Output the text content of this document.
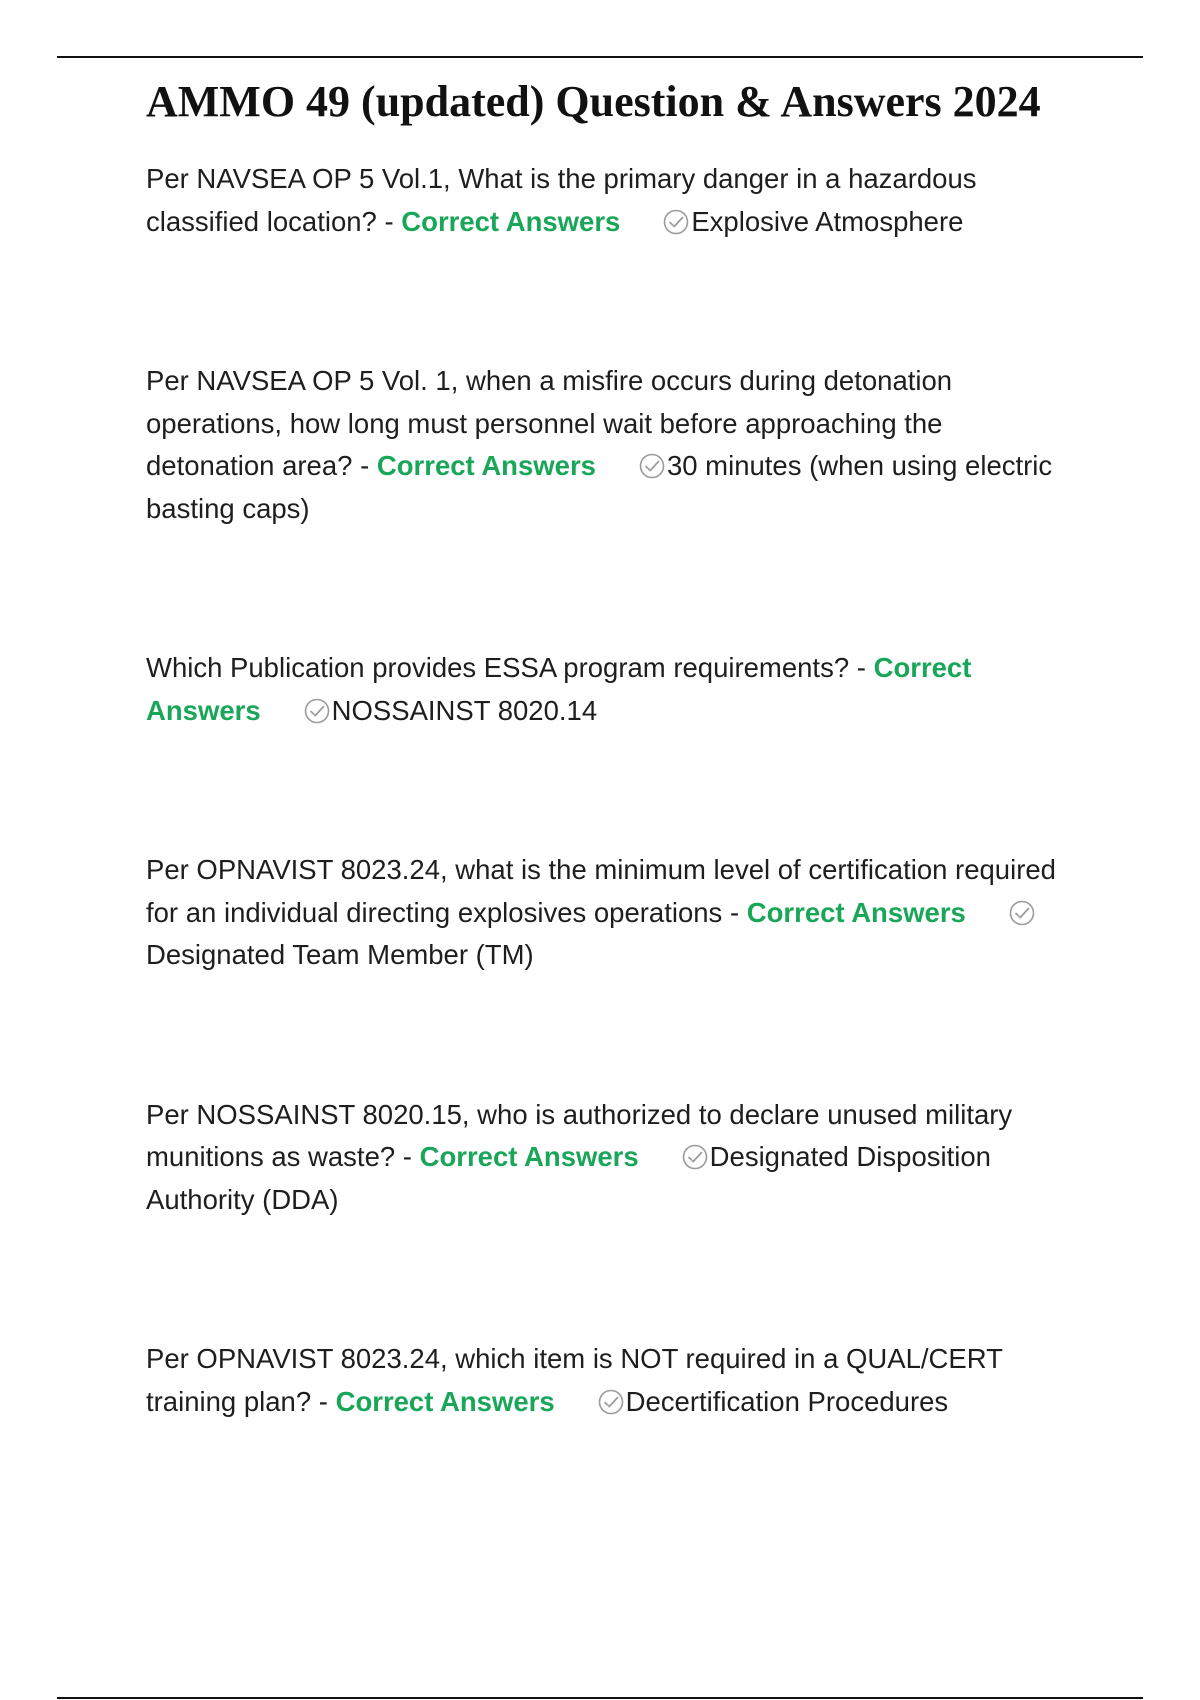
AMMO 49 (updated) Question & Answers 2024
Per NAVSEA OP 5 Vol.1, What is the primary danger in a hazardous classified location? - Correct Answers	Explosive Atmosphere
Per NAVSEA OP 5 Vol. 1, when a misfire occurs during detonation operations, how long must personnel wait before approaching the detonation area? - Correct Answers	30 minutes (when using electric basting caps)
Which Publication provides ESSA program requirements? - Correct Answers	NOSSAINST 8020.14
Per OPNAVIST 8023.24, what is the minimum level of certification required for an individual directing explosives operations - Correct Answers
Designated Team Member (TM)
Per NOSSAINST 8020.15, who is authorized to declare unused military munitions as waste? - Correct Answers	Designated Disposition Authority (DDA)
Per OPNAVIST 8023.24, which item is NOT required in a QUAL/CERT training plan? - Correct Answers	Decertification Procedures
